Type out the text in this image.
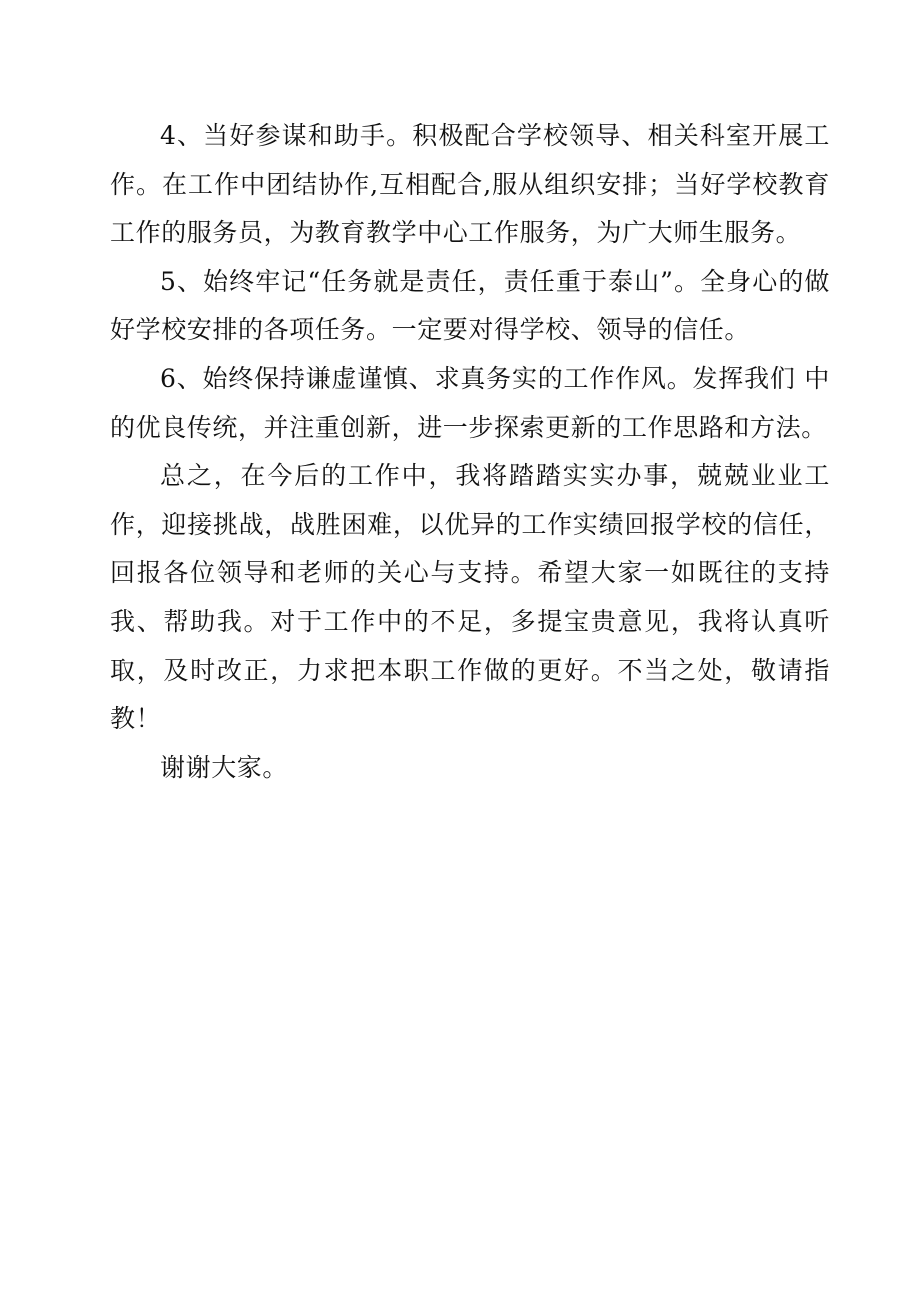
4、当好参谋和助手。积极配合学校领导、相关科室开展工作。在工作中团结协作,互相配合,服从组织安排；当好学校教育工作的服务员，为教育教学中心工作服务，为广大师生服务。

5、始终牢记“任务就是责任，责任重于泰山”。全身心的做好学校安排的各项任务。一定要对得学校、领导的信任。

6、始终保持谦虚谨慎、求真务实的工作作风。发挥我们 中的优良传统，并注重创新，进一步探索更新的工作思路和方法。

总之，在今后的工作中，我将踏踏实实办事，兢兢业业工作，迎接挑战，战胜困难，以优异的工作实绩回报学校的信任，回报各位领导和老师的关心与支持。希望大家一如既往的支持我、帮助我。对于工作中的不足，多提宝贵意见，我将认真听取，及时改正，力求把本职工作做的更好。不当之处，敬请指教！

谢谢大家。
